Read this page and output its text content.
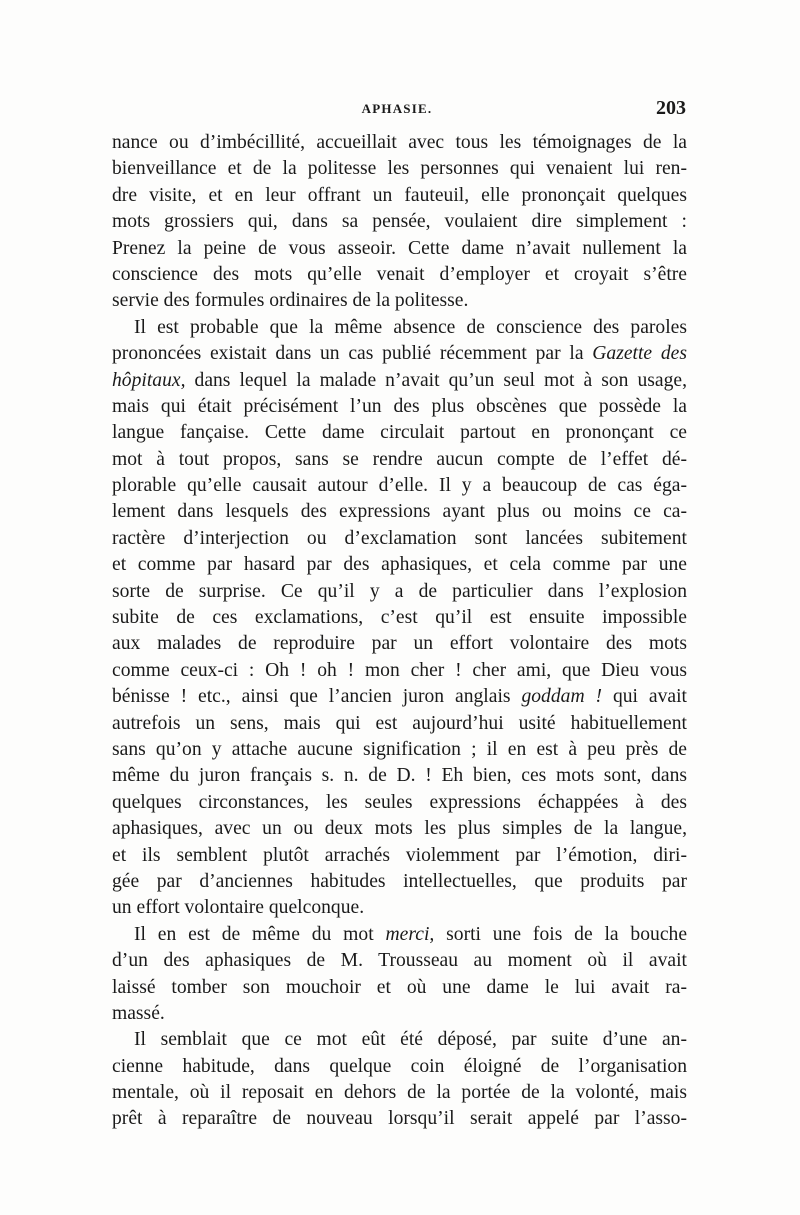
APHASIE.	203
nance ou d’imbécillité, accueillait avec tous les témoignages de la
bienveillance et de la politesse les personnes qui venaient lui ren-
dre visite, et en leur offrant un fauteuil, elle prononçait quelques
mots grossiers qui, dans sa pensée, voulaient dire simplement :
Prenez la peine de vous asseoir. Cette dame n’avait nullement la
conscience des mots qu’elle venait d’employer et croyait s’être
servie des formules ordinaires de la politesse.
Il est probable que la même absence de conscience des paroles
prononcées existait dans un cas publié récemment par la Gazette des
hôpitaux, dans lequel la malade n’avait qu’un seul mot à son usage,
mais qui était précisément l’un des plus obscènes que possède la
langue fançaise. Cette dame circulait partout en prononçant ce
mot à tout propos, sans se rendre aucun compte de l’effet dé-
plorable qu’elle causait autour d’elle. Il y a beaucoup de cas éga-
lement dans lesquels des expressions ayant plus ou moins ce ca-
ractère d’interjection ou d’exclamation sont lancées subitement
et comme par hasard par des aphasiques, et cela comme par une
sorte de surprise. Ce qu’il y a de particulier dans l’explosion
subite de ces exclamations, c’est qu’il est ensuite impossible
aux malades de reproduire par un effort volontaire des mots
comme ceux-ci : Oh ! oh ! mon cher ! cher ami, que Dieu vous
bénisse ! etc., ainsi que l’ancien juron anglais goddam ! qui avait
autrefois un sens, mais qui est aujourd’hui usité habituellement
sans qu’on y attache aucune signification ; il en est à peu près de
même du juron français s. n. de D. ! Eh bien, ces mots sont, dans
quelques circonstances, les seules expressions échappées à des
aphasiques, avec un ou deux mots les plus simples de la langue,
et ils semblent plutôt arrachés violemment par l’émotion, diri-
gée par d’anciennes habitudes intellectuelles, que produits par
un effort volontaire quelconque.
Il en est de même du mot merci, sorti une fois de la bouche
d’un des aphasiques de M. Trousseau au moment où il avait
laissé tomber son mouchoir et où une dame le lui avait ra-
massé.
Il semblait que ce mot eût été déposé, par suite d’une an-
cienne habitude, dans quelque coin éloigné de l’organisation
mentale, où il reposait en dehors de la portée de la volonté, mais
prêt à reparaître de nouveau lorsqu’il serait appelé par l’asso-
